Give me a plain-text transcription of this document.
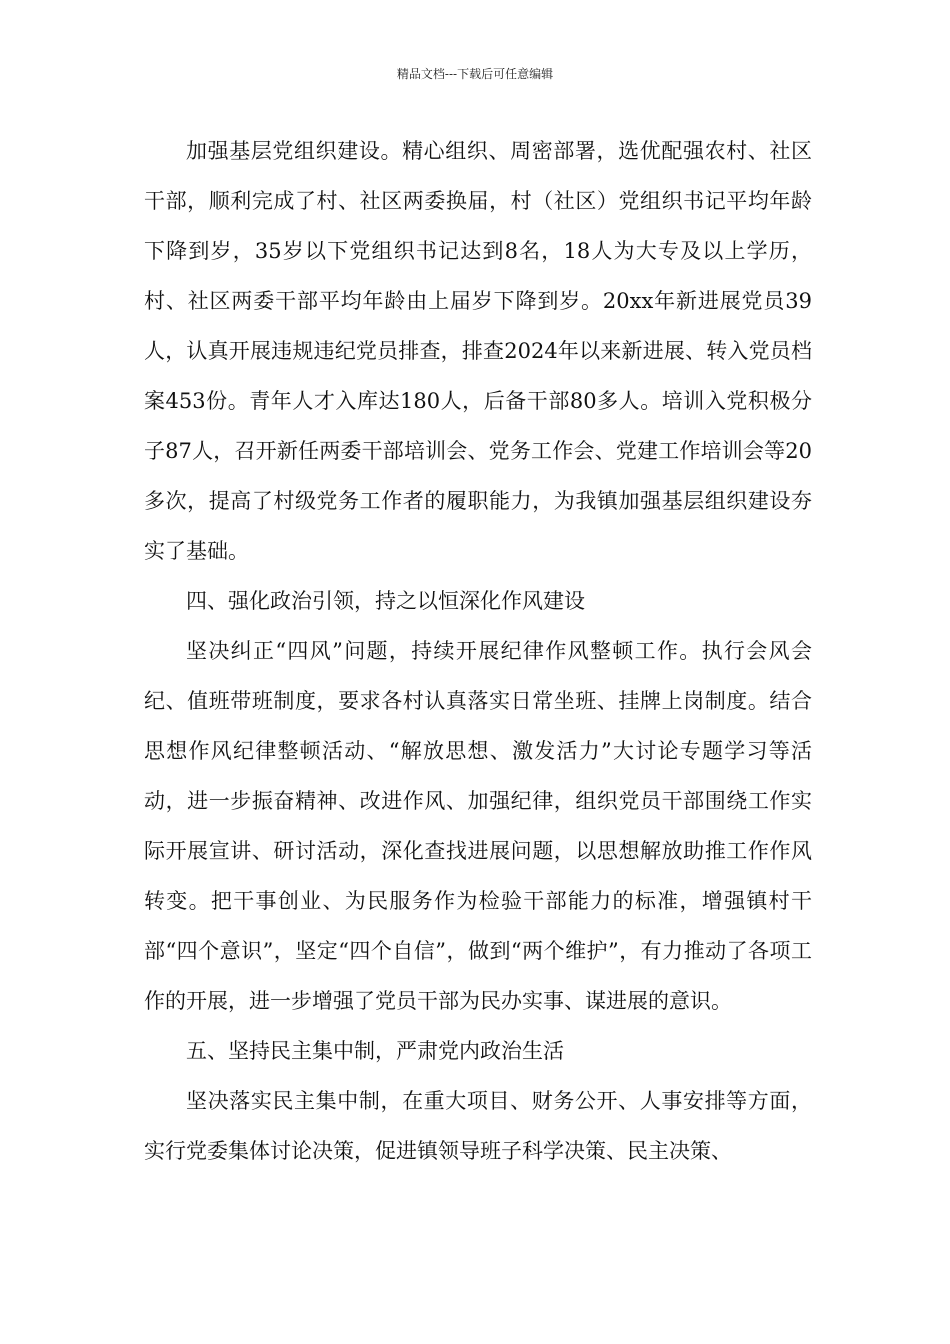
精品文档---下载后可任意编辑

加强基层党组织建设。精心组织、周密部署，选优配强农村、社区干部，顺利完成了村、社区两委换届，村（社区）党组织书记平均年龄下降到岁，35岁以下党组织书记达到8名，18人为大专及以上学历，村、社区两委干部平均年龄由上届岁下降到岁。20xx年新进展党员39人，认真开展违规违纪党员排查，排查2024年以来新进展、转入党员档案453份。青年人才入库达180人，后备干部80多人。培训入党积极分子87人，召开新任两委干部培训会、党务工作会、党建工作培训会等20多次，提高了村级党务工作者的履职能力，为我镇加强基层组织建设夯实了基础。

四、强化政治引领，持之以恒深化作风建设

坚决纠正“四风”问题，持续开展纪律作风整顿工作。执行会风会纪、值班带班制度，要求各村认真落实日常坐班、挂牌上岗制度。结合思想作风纪律整顿活动、“解放思想、激发活力”大讨论专题学习等活动，进一步振奋精神、改进作风、加强纪律，组织党员干部围绕工作实际开展宣讲、研讨活动，深化查找进展问题，以思想解放助推工作作风转变。把干事创业、为民服务作为检验干部能力的标准，增强镇村干部“四个意识”，坚定“四个自信”，做到“两个维护”，有力推动了各项工作的开展，进一步增强了党员干部为民办实事、谋进展的意识。

五、坚持民主集中制，严肃党内政治生活

坚决落实民主集中制，在重大项目、财务公开、人事安排等方面，实行党委集体讨论决策，促进镇领导班子科学决策、民主决策、
